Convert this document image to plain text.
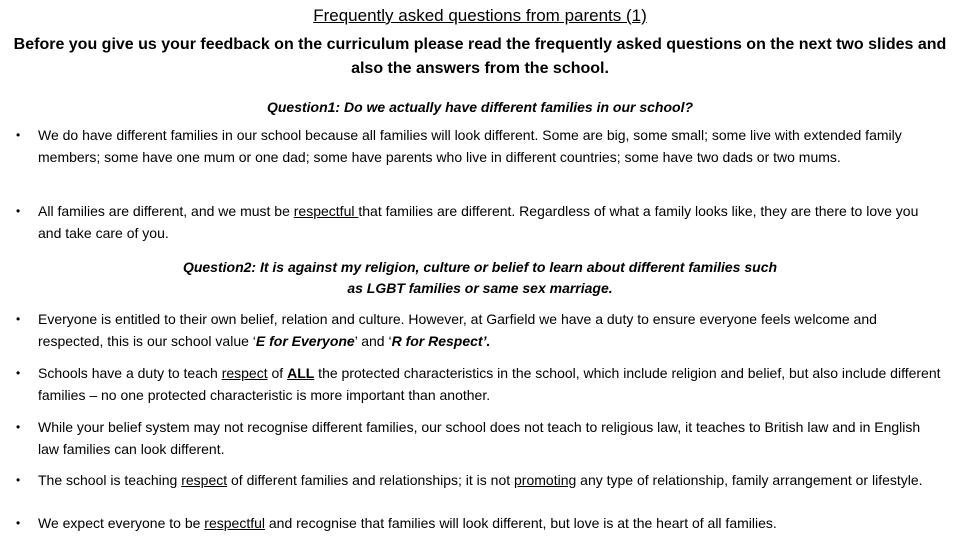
Frequently asked questions from parents (1)
Before you give us your feedback on the curriculum please read the frequently asked questions on the next two slides and also the answers from the school.
Question1: Do we actually have different families in our school?
• We do have different families in our school because all families will look different. Some are big, some small; some live with extended family members; some have one mum or one dad; some have parents who live in different countries; some have two dads or two mums.
• All families are different, and we must be respectful that families are different. Regardless of what a family looks like, they are there to love you and take care of you.
Question2: It is against my religion, culture or belief to learn about different families such as LGBT families or same sex marriage.
• Everyone is entitled to their own belief, relation and culture. However, at Garfield we have a duty to ensure everyone feels welcome and respected, this is our school value ‘E for Everyone’ and ‘R for Respect’.
• Schools have a duty to teach respect of ALL the protected characteristics in the school, which include religion and belief, but also include different families – no one protected characteristic is more important than another.
• While your belief system may not recognise different families, our school does not teach to religious law, it teaches to British law and in English law families can look different.
• The school is teaching respect of different families and relationships; it is not promoting any type of relationship, family arrangement or lifestyle.
• We expect everyone to be respectful and recognise that families will look different, but love is at the heart of all families.
